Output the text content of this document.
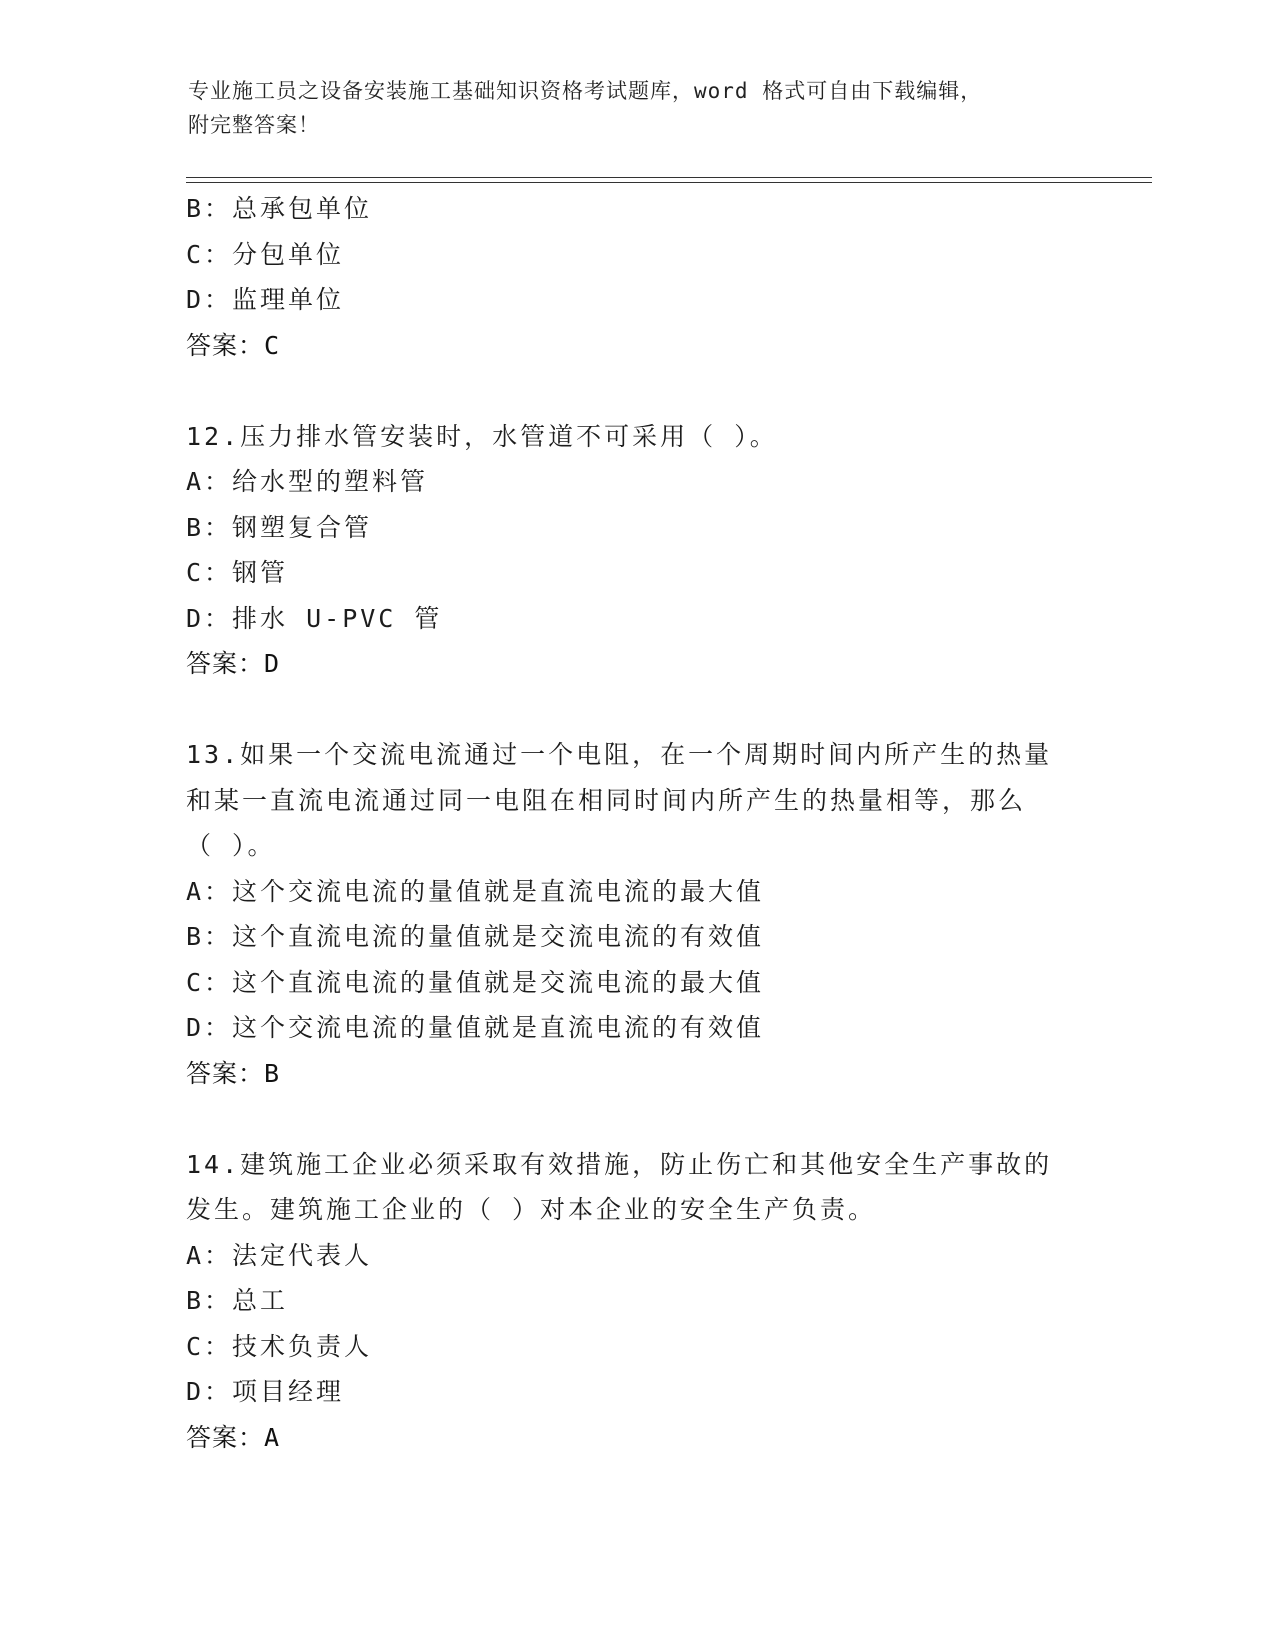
专业施工员之设备安装施工基础知识资格考试题库，word 格式可自由下载编辑，
附完整答案！
B：总承包单位
C：分包单位
D：监理单位
答案：C
12.压力排水管安装时，水管道不可采用（ ）。
A：给水型的塑料管
B：钢塑复合管
C：钢管
D：排水 U-PVC 管
答案：D
13.如果一个交流电流通过一个电阻，在一个周期时间内所产生的热量
和某一直流电流通过同一电阻在相同时间内所产生的热量相等，那么
（ ）。
A：这个交流电流的量值就是直流电流的最大值
B：这个直流电流的量值就是交流电流的有效值
C：这个直流电流的量值就是交流电流的最大值
D：这个交流电流的量值就是直流电流的有效值
答案：B
14.建筑施工企业必须采取有效措施，防止伤亡和其他安全生产事故的
发生。建筑施工企业的（ ）对本企业的安全生产负责。
A：法定代表人
B：总工
C：技术负责人
D：项目经理
答案：A
